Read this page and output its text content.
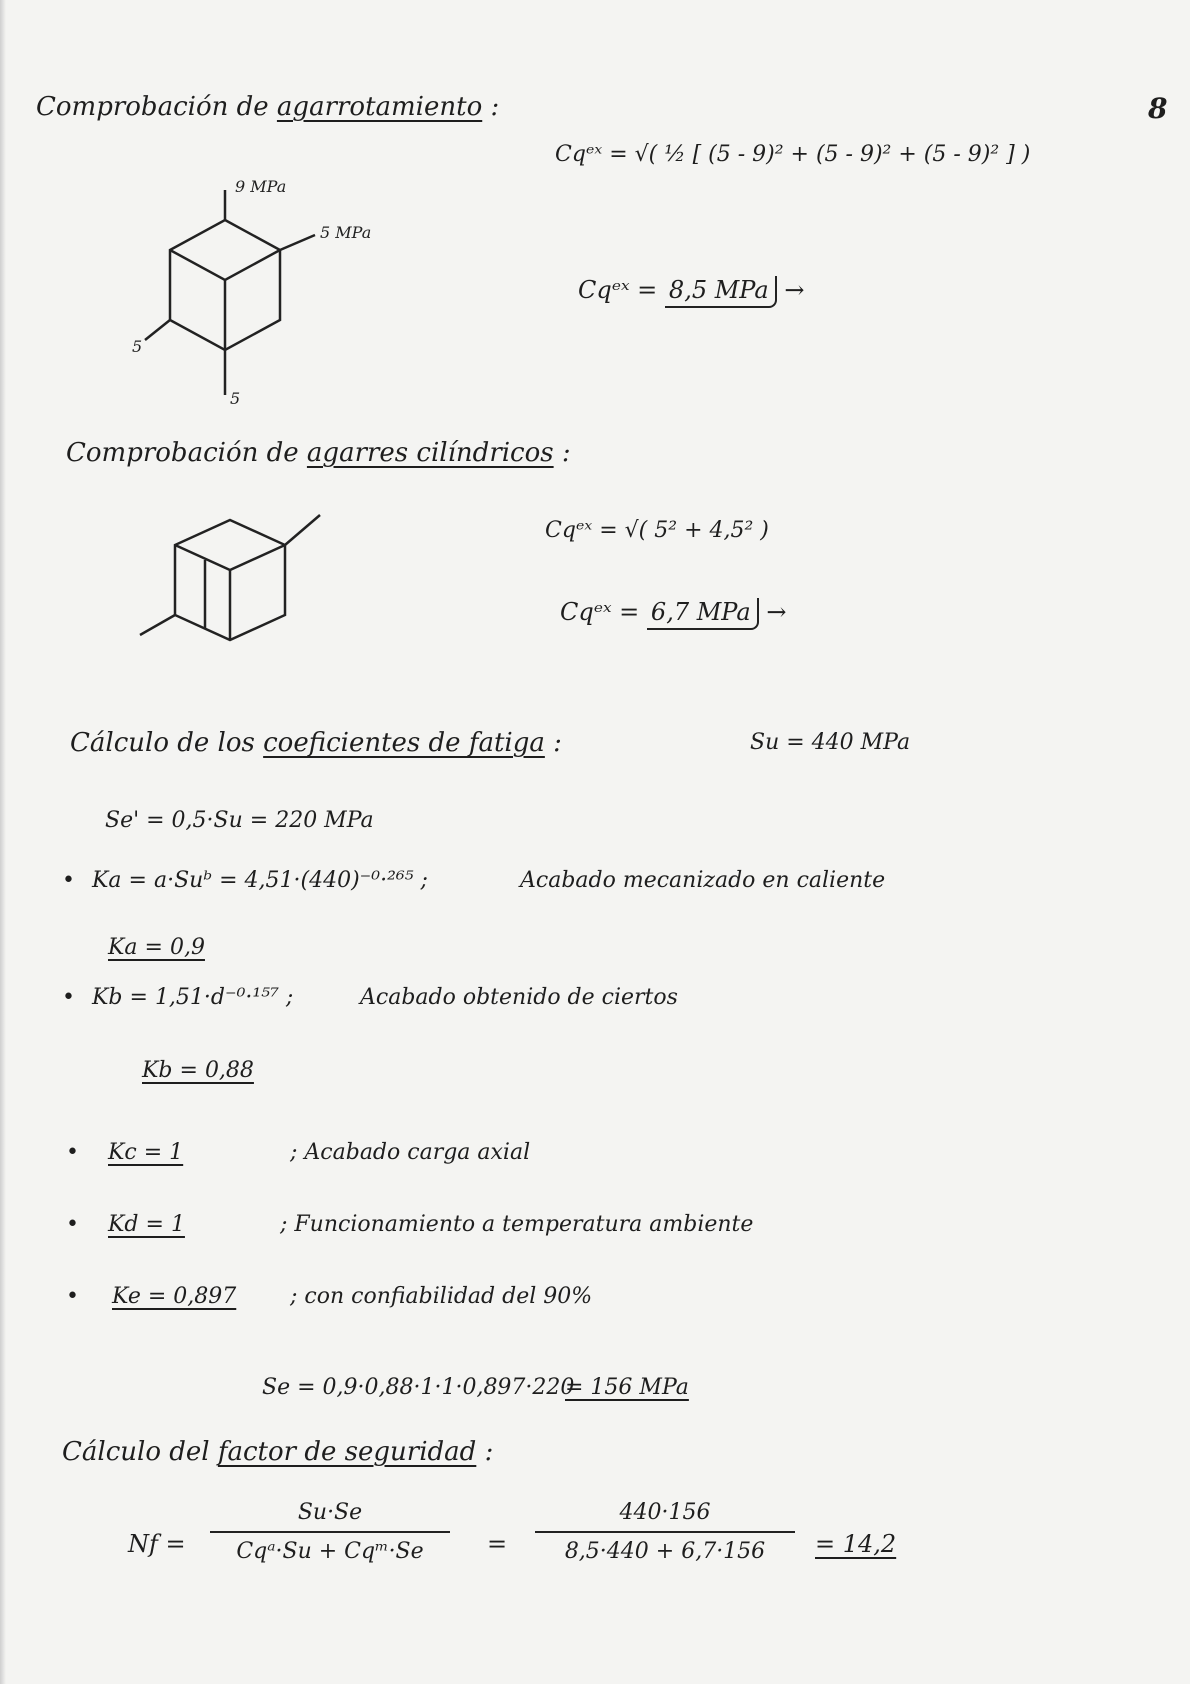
8
Comprobación de agarrotamiento :
Cqᵉˣ = √( ½ [ (5 - 9)² + (5 - 9)² + (5 - 9)² ] )
9 MPa
5 MPa
5
5
Cqᵉˣ = 8,5 MPa →
Comprobación de agarres cilíndricos :
Cqᵉˣ = √( 5² + 4,5² )
Cqᵉˣ = 6,7 MPa →
Cálculo de los coeficientes de fatiga :	Su = 440 MPa
Se' = 0,5·Su = 220 MPa
• Ka = a·Suᵇ = 4,51·(440)⁻⁰·²⁶⁵ ;	Acabado mecanizado en caliente
Ka = 0,9
• Kb = 1,51·d⁻⁰·¹⁵⁷ ;	Acabado obtenido de ciertos
Kb = 0,88
• Kc = 1	; Acabado carga axial
• Kd = 1	; Funcionamiento a temperatura ambiente
• Ke = 0,897 ; con confiabilidad del 90%
Se = 0,9·0,88·1·1·0,897·220
= 156 MPa
Cálculo del factor de seguridad :
Nf =
Su·Se
Cqᵃ·Su + Cqᵐ·Se	=
440·156
8,5·440 + 6,7·156 = 14,2
